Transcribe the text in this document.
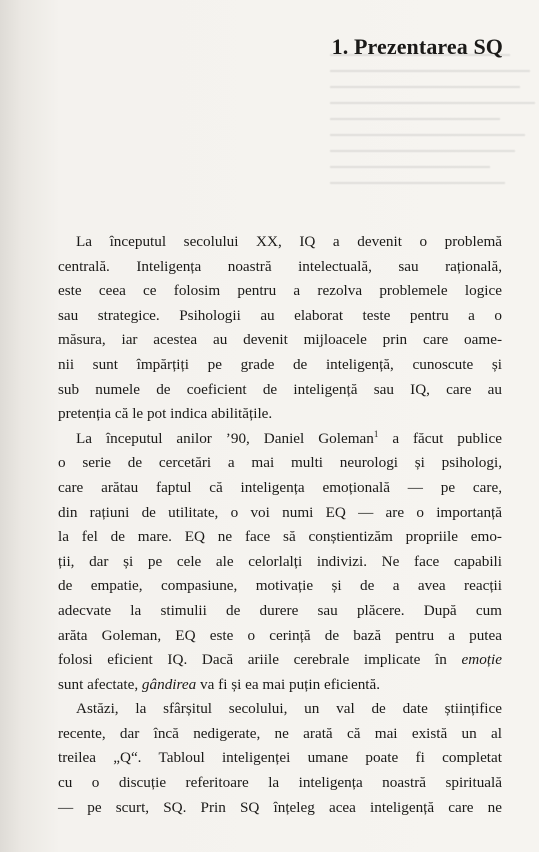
1. Prezentarea SQ

La începutul secolului XX, IQ a devenit o problemă
centrală. Inteligența noastră intelectuală, sau rațională,
este ceea ce folosim pentru a rezolva problemele logice
sau strategice. Psihologii au elaborat teste pentru a o
măsura, iar acestea au devenit mijloacele prin care oame-
nii sunt împărțiți pe grade de inteligență, cunoscute și
sub numele de coeficient de inteligență sau IQ, care au
pretenția că le pot indica abilitățile.

La începutul anilor ’90, Daniel Goleman$^1$ a făcut publice
o serie de cercetări a mai multi neurologi și psihologi,
care arătau faptul că inteligența emoțională — pe care,
din rațiuni de utilitate, o voi numi EQ — are o importanță
la fel de mare. EQ ne face să conștientizăm propriile emo-
ții, dar și pe cele ale celorlalți indivizi. Ne face capabili
de empatie, compasiune, motivație și de a avea reacții
adecvate la stimulii de durere sau plăcere. După cum
arăta Goleman, EQ este o cerință de bază pentru a putea
folosi eficient IQ. Dacă ariile cerebrale implicate în emoție
sunt afectate, gândirea va fi și ea mai puțin eficientă.

Astăzi, la sfârșitul secolului, un val de date științifice
recente, dar încă nedigerate, ne arată că mai există un al
treilea „Q“. Tabloul inteligenței umane poate fi completat
cu o discuție referitoare la inteligența noastră spirituală
— pe scurt, SQ. Prin SQ înțeleg acea inteligență care ne
